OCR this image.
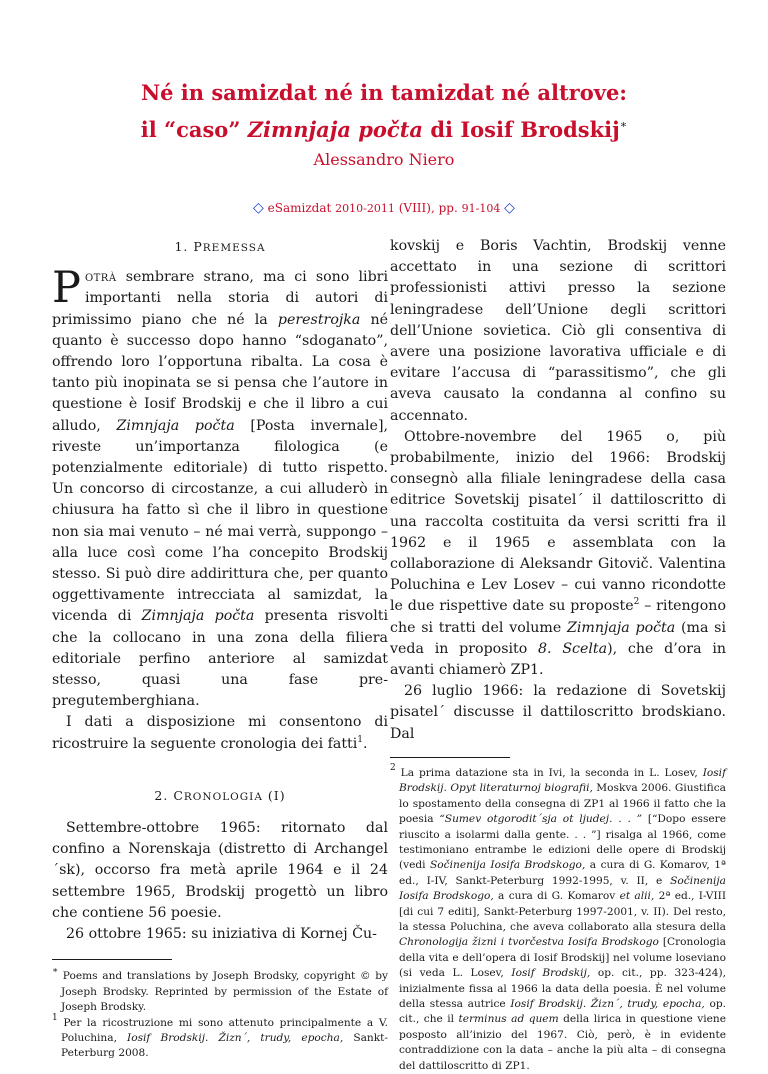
Né in samizdat né in tamizdat né altrove:
il “caso” Zimnjaja počta di Iosif Brodskij∗
Alessandro Niero
◇ eSamizdat 2010-2011 (VIII), pp. 91-104 ◇

1. PREMESSA

Potrà sembrare strano, ma ci sono libri importanti nella storia di autori di primissimo piano che né la perestrojka né quanto è successo dopo hanno “sdoganato”, offrendo loro l’opportuna ribalta. La cosa è tanto più inopinata se si pensa che l’autore in questione è Iosif Brodskij e che il libro a cui alludo, Zimnjaja počta [Posta invernale], riveste un’importanza filologica (e potenzialmente editoriale) di tutto rispetto. Un concorso di circostanze, a cui alluderò in chiusura ha fatto sì che il libro in questione non sia mai venuto – né mai verrà, suppongo – alla luce così come l’ha concepito Brodskij stesso. Si può dire addirittura che, per quanto oggettivamente intrecciata al samizdat, la vicenda di Zimnjaja počta presenta risvolti che la collocano in una zona della filiera editoriale perfino anteriore al samizdat stesso, quasi una fase pre-pregutemberghiana.

I dati a disposizione mi consentono di ricostruire la seguente cronologia dei fatti$^1$.

2. CRONOLOGIA (I)

Settembre-ottobre 1965: ritornato dal confino a Norenskaja (distretto di Archangel´sk), occorso fra metà aprile 1964 e il 24 settembre 1965, Brodskij progettò un libro che contiene 56 poesie.

26 ottobre 1965: su iniziativa di Kornej Ču-

∗ Poems and translations by Joseph Brodsky, copyright © by Joseph Brodsky. Reprinted by permission of the Estate of Joseph Brodsky.

$^1$ Per la ricostruzione mi sono attenuto principalmente a V. Poluchina, Iosif Brodskij. Žizn´, trudy, epocha, Sankt-Peterburg 2008.

kovskij e Boris Vachtin, Brodskij venne accettato in una sezione di scrittori professionisti attivi presso la sezione leningradese dell’Unione degli scrittori dell’Unione sovietica. Ciò gli consentiva di avere una posizione lavorativa ufficiale e di evitare l’accusa di “parassitismo”, che gli aveva causato la condanna al confino su accennato.

Ottobre-novembre del 1965 o, più probabilmente, inizio del 1966: Brodskij consegnò alla filiale leningradese della casa editrice Sovetskij pisatel´ il dattiloscritto di una raccolta costituita da versi scritti fra il 1962 e il 1965 e assemblata con la collaborazione di Aleksandr Gitovič. Valentina Poluchina e Lev Losev – cui vanno ricondotte le due rispettive date su proposte$^2$ – ritengono che si tratti del volume Zimnjaja počta (ma si veda in proposito 8. Scelta), che d’ora in avanti chiamerò ZP1.

26 luglio 1966: la redazione di Sovetskij pisatel´ discusse il dattiloscritto brodskiano. Dal

$^2$ La prima datazione sta in Ivi, la seconda in L. Losev, Iosif Brodskij. Opyt literaturnoj biografii, Moskva 2006. Giustifica lo spostamento della consegna di ZP1 al 1966 il fatto che la poesia “Sumev otgorodit´sja ot ljudej. . . ” [“Dopo essere riuscito a isolarmi dalla gente. . . ”] risalga al 1966, come testimoniano entrambe le edizioni delle opere di Brodskij (vedi Sočinenija Iosifa Brodskogo, a cura di G. Komarov, 1ª ed., I-IV, Sankt-Peterburg 1992-1995, v. II, e Sočinenija Iosifa Brodskogo, a cura di G. Komarov et alii, 2ª ed., I-VIII [di cui 7 editi], Sankt-Peterburg 1997-2001, v. II). Del resto, la stessa Poluchina, che aveva collaborato alla stesura della Chronologija žizni i tvorčestva Iosifa Brodskogo [Cronologia della vita e dell’opera di Iosif Brodskij] nel volume loseviano (si veda L. Losev, Iosif Brodskij, op. cit., pp. 323-424), inizialmente fissa al 1966 la data della poesia. È nel volume della stessa autrice Iosif Brodskij. Žizn´, trudy, epocha, op. cit., che il terminus ad quem della lirica in questione viene posposto all’inizio del 1967. Ciò, però, è in evidente contraddizione con la data – anche la più alta – di consegna del dattiloscritto di ZP1.
